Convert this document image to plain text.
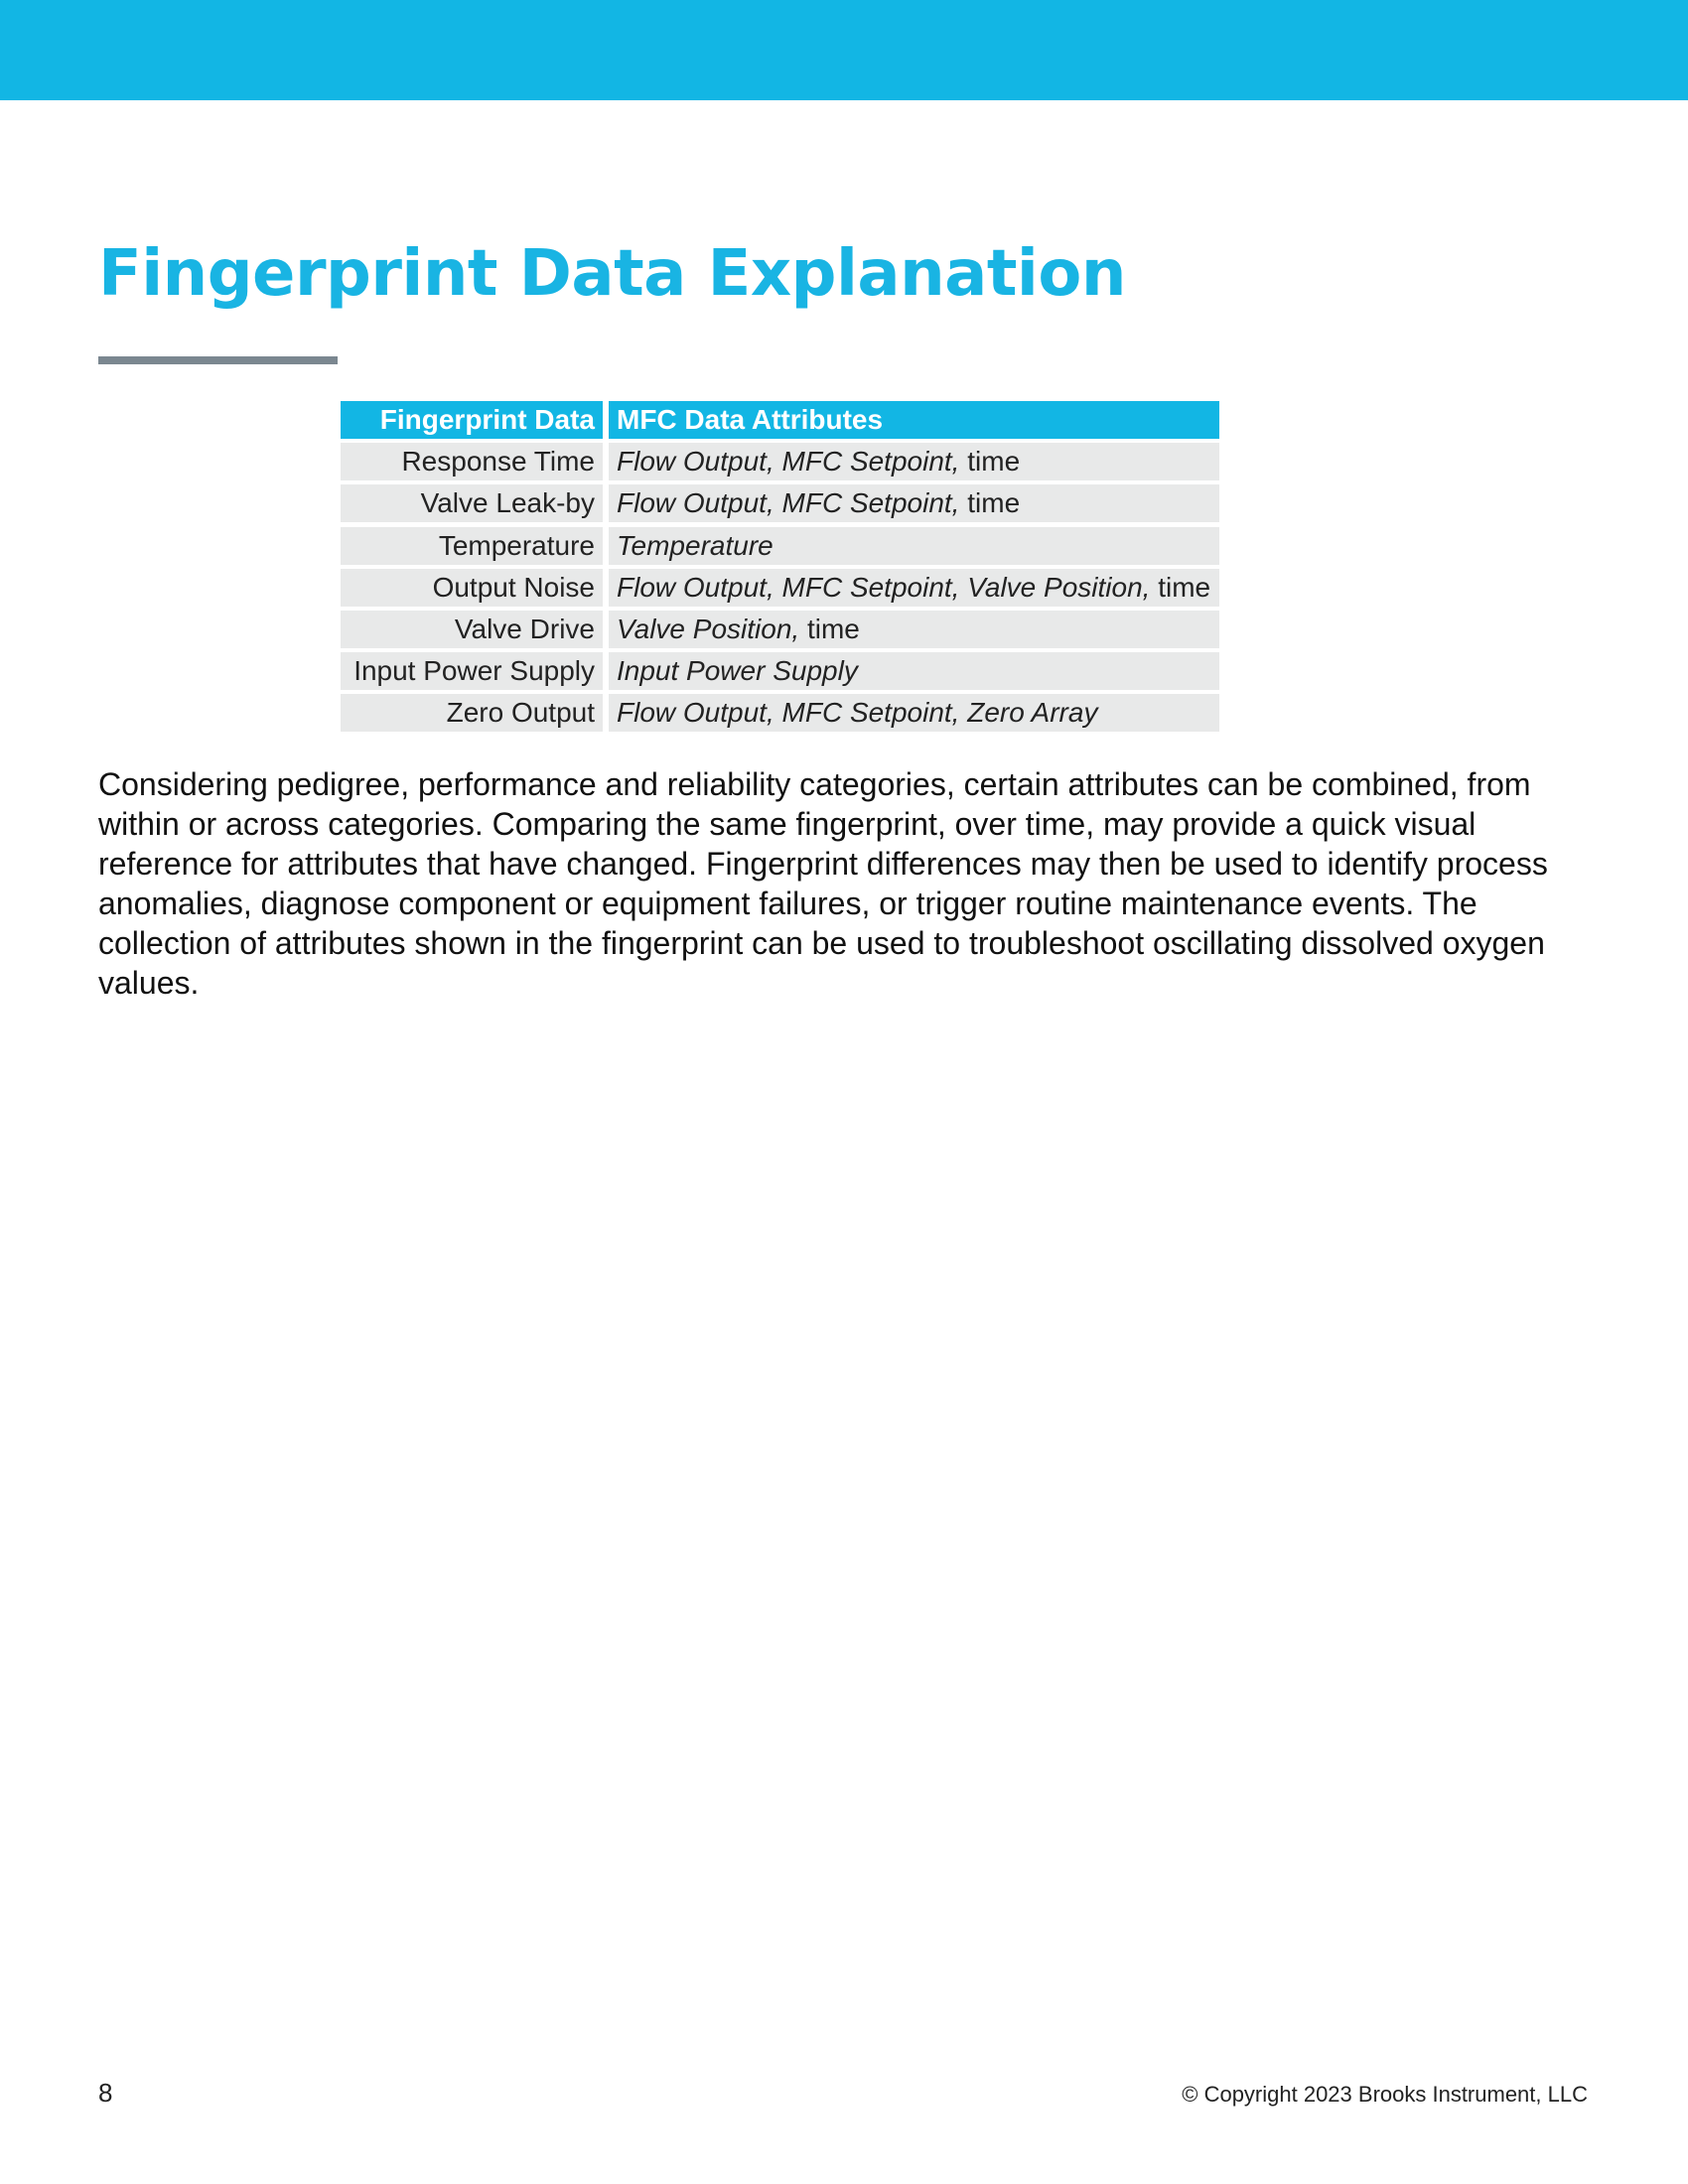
Fingerprint Data Explanation
Fingerprint Data MFC Data Attributes
Response Time Flow Output, MFC Setpoint, time
Valve Leak-by Flow Output, MFC Setpoint, time
Temperature Temperature
Output Noise Flow Output, MFC Setpoint, Valve Position, time
Valve Drive Valve Position, time
Input Power Supply Input Power Supply
Zero Output Flow Output, MFC Setpoint, Zero Array

Considering pedigree, performance and reliability categories, certain attributes can be combined, from within or across categories. Comparing the same fingerprint, over time, may provide a quick visual reference for attributes that have changed. Fingerprint differences may then be used to identify process anomalies, diagnose component or equipment failures, or trigger routine maintenance events. The collection of attributes shown in the fingerprint can be used to troubleshoot oscillating dissolved oxygen values.

8	© Copyright 2023 Brooks Instrument, LLC
